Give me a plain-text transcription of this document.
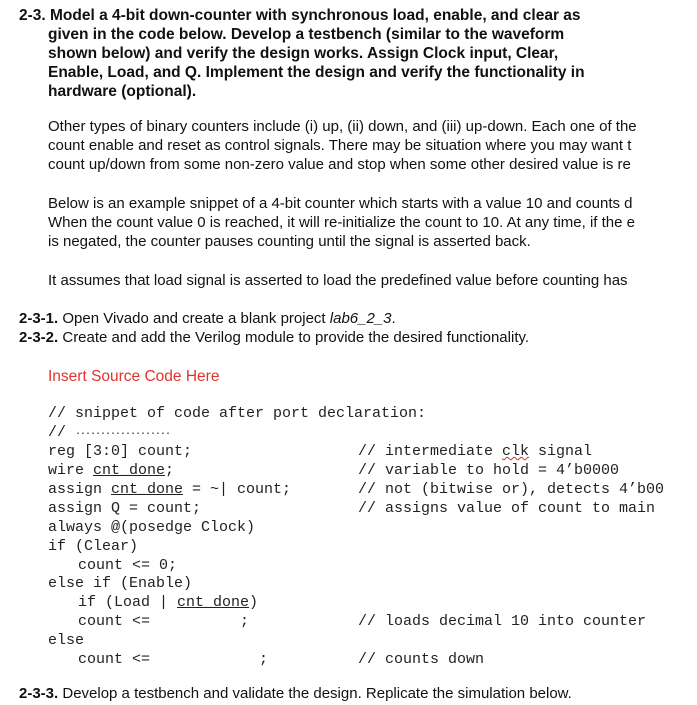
2-3. Model a 4-bit down-counter with synchronous load, enable, and clear as
given in the code below. Develop a testbench (similar to the waveform
shown below) and verify the design works. Assign Clock input, Clear,
Enable, Load, and Q. Implement the design and verify the functionality in
hardware (optional).
Other types of binary counters include (i) up, (ii) down, and (iii) up-down. Each one of the
count enable and reset as control signals. There may be situation where you may want t
count up/down from some non-zero value and stop when some other desired value is re
Below is an example snippet of a 4-bit counter which starts with a value 10 and counts d
When the count value 0 is reached, it will re-initialize the count to 10. At any time, if the e
is negated, the counter pauses counting until the signal is asserted back.
It assumes that load signal is asserted to load the predefined value before counting has
2-3-1. Open Vivado and create a blank project lab6_2_3.
2-3-2. Create and add the Verilog module to provide the desired functionality.
Insert Source Code Here
// snippet of code after port declaration:
// ...................
reg [3:0] count;	// intermediate clk signal
wire cnt_done;	// variable to hold = 4’b0000
assign cnt_done = ~| count;	// not (bitwise or), detects 4’b00
assign Q = count;	// assigns value of count to main
always @(posedge Clock)
if (Clear)
count <= 0;
else if (Enable)
if (Load | cnt_done)
count <=	;	// loads decimal 10 into counter
else
count <=	;	// counts down
2-3-3. Develop a testbench and validate the design. Replicate the simulation below.
